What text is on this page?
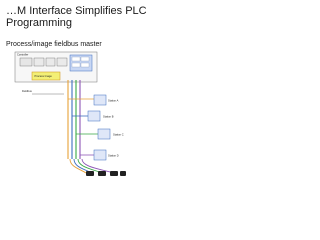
…M Interface Simplifies PLC
Programming
Process/image fieldbus master
Controller
Process Image
Fieldbus
Station A
Station B
Station C
Station D
